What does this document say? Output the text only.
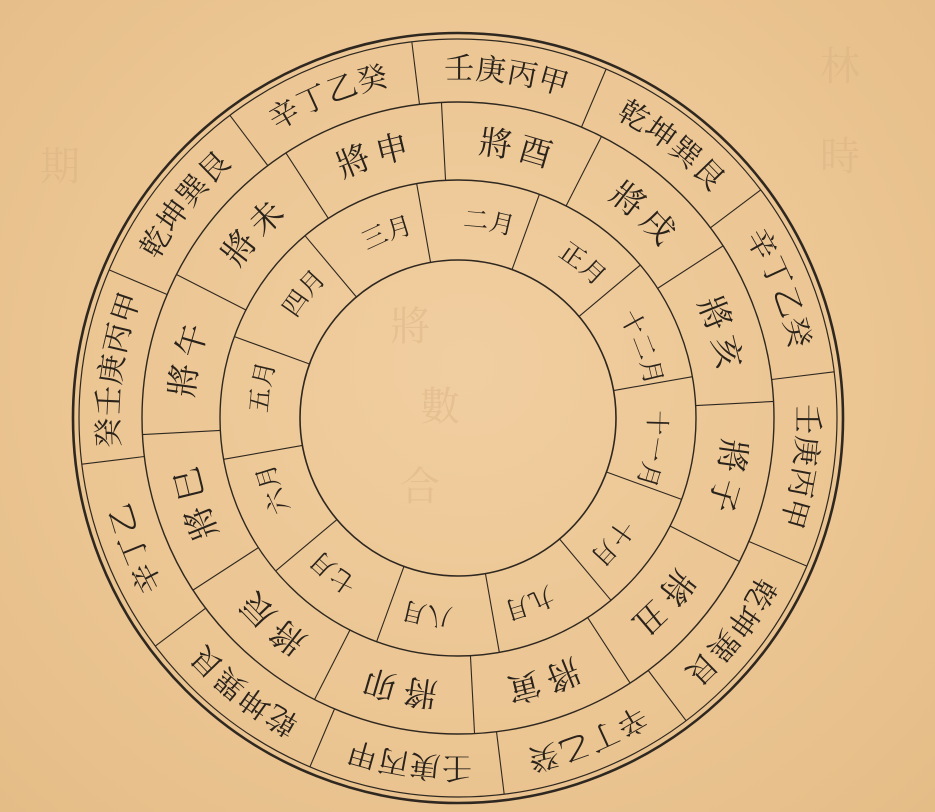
林
時
期
將
數
合
癸
壬
庚
丙
甲
乾
坤
巽
艮
辛
丁
乙
癸 壬 庚
丙
甲
乾
坤
巽
艮
辛
丁
乙
癸
壬
庚
丙
甲
乾
坤
巽
艮
辛
丁
乙
癸
壬
庚
丙
甲
乾
坤
巽
艮
辛
丁
乙
將
午
將
未
將
申 將 酉
將
戌
將
亥
將
子
將
丑
將
寅
將
卯
將
辰
將
巳
五
月
四
月
三
月 二
月
正
月
十
二
月
十
一
月
十
月
九
月
八
月
七
月
六
月
